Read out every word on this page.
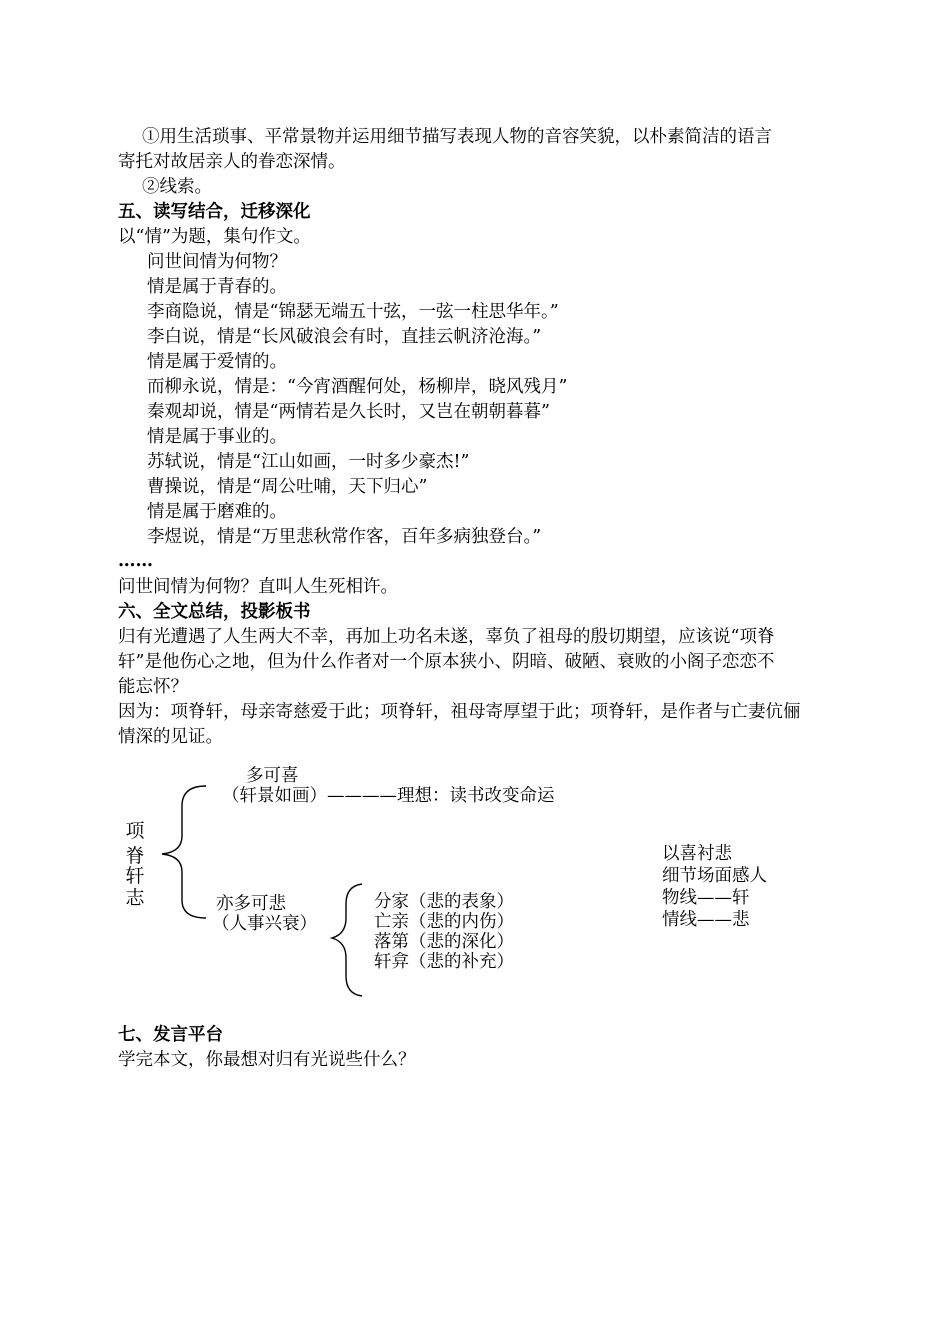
①用生活琐事、平常景物并运用细节描写表现人物的音容笑貌，以朴素简洁的语言
寄托对故居亲人的眷恋深情。
②线索。
五、读写结合，迁移深化
以“情”为题，集句作文。
问世间情为何物？
情是属于青春的。
李商隐说，情是“锦瑟无端五十弦，一弦一柱思华年。”
李白说，情是“长风破浪会有时，直挂云帆济沧海。”
情是属于爱情的。
而柳永说，情是：“今宵酒醒何处，杨柳岸，晓风残月”
秦观却说，情是“两情若是久长时，又岂在朝朝暮暮”
情是属于事业的。
苏轼说，情是“江山如画，一时多少豪杰!”
曹操说，情是“周公吐哺，天下归心”
情是属于磨难的。
李煜说，情是“万里悲秋常作客，百年多病独登台。”
……
问世间情为何物？直叫人生死相许。
六、全文总结，投影板书
归有光遭遇了人生两大不幸，再加上功名未遂，辜负了祖母的殷切期望，应该说“项脊
轩”是他伤心之地，但为什么作者对一个原本狭小、阴暗、破陋、衰败的小阁子恋恋不
能忘怀？
因为：项脊轩，母亲寄慈爱于此；项脊轩，祖母寄厚望于此；项脊轩，是作者与亡妻伉俪
情深的见证。
项
脊
轩
志
多可喜
（轩景如画）————理想：读书改变命运
亦多可悲
（人事兴衰）
分家（悲的表象）
亡亲（悲的内伤）
落第（悲的深化）
轩弇（悲的补充）
以喜衬悲
细节场面感人
物线——轩
情线——悲
七、发言平台
学完本文，你最想对归有光说些什么？
